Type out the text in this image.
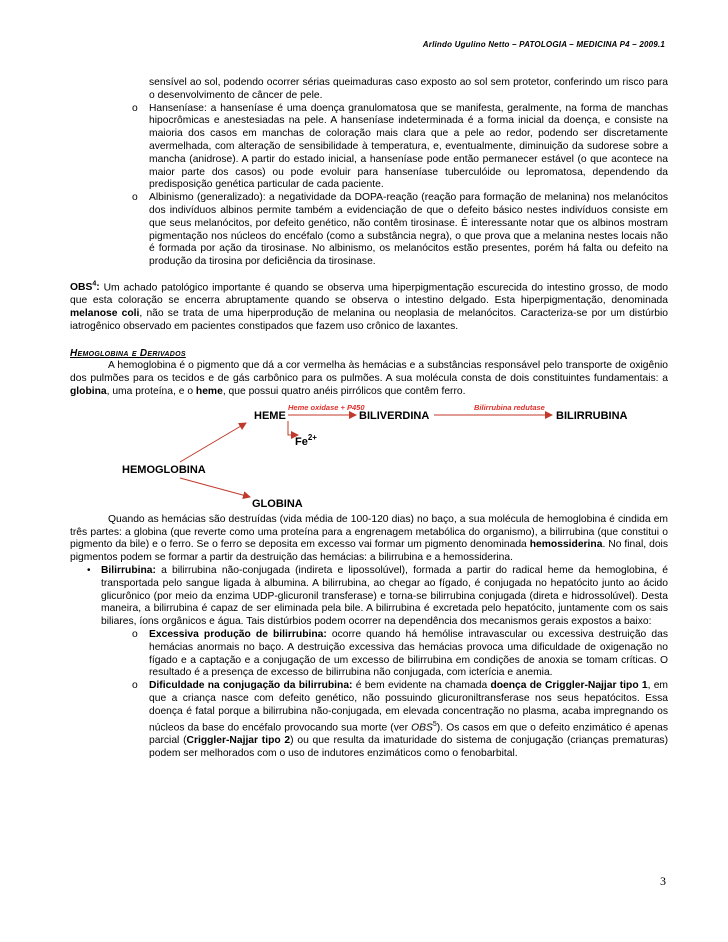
Arlindo Ugulino Netto – PATOLOGIA – MEDICINA P4 – 2009.1

sensível ao sol, podendo ocorrer sérias queimaduras caso exposto ao sol sem protetor, conferindo um risco para o desenvolvimento de câncer de pele.

o Hanseníase: a hanseníase é uma doença granulomatosa que se manifesta, geralmente, na forma de manchas hipocrômicas e anestesiadas na pele. A hanseníase indeterminada é a forma inicial da doença, e consiste na maioria dos casos em manchas de coloração mais clara que a pele ao redor, podendo ser discretamente avermelhada, com alteração de sensibilidade à temperatura, e, eventualmente, diminuição da sudorese sobre a mancha (anidrose). A partir do estado inicial, a hanseníase pode então permanecer estável (o que acontece na maior parte dos casos) ou pode evoluir para hanseníase tuberculóide ou lepromatosa, dependendo da predisposição genética particular de cada paciente.

o Albinismo (generalizado): a negatividade da DOPA-reação (reação para formação de melanina) nos melanócitos dos indivíduos albinos permite também a evidenciação de que o defeito básico nestes indivíduos consiste em que seus melanócitos, por defeito genético, não contêm tirosinase. É interessante notar que os albinos mostram pigmentação nos núcleos do encéfalo (como a substância negra), o que prova que a melanina nestes locais não é formada por ação da tirosinase. No albinismo, os melanócitos estão presentes, porém há falta ou defeito na produção da tirosina por deficiência da tirosinase.

OBS$^4$: Um achado patológico importante é quando se observa uma hiperpigmentação escurecida do intestino grosso, de modo que esta coloração se encerra abruptamente quando se observa o intestino delgado. Esta hiperpigmentação, denominada melanose coli, não se trata de uma hiperprodução de melanina ou neoplasia de melanócitos. Caracteriza-se por um distúrbio iatrogênico observado em pacientes constipados que fazem uso crônico de laxantes.

Hemoglobina e Derivados

A hemoglobina é o pigmento que dá a cor vermelha às hemácias e a substâncias responsável pelo transporte de oxigênio dos pulmões para os tecidos e de gás carbônico para os pulmões. A sua molécula consta de dois constituintes fundamentais: a globina, uma proteína, e o heme, que possui quatro anéis pirrólicos que contêm ferro.

Heme oxidase + P450	Bilirrubina redutase
HEME	BILIVERDINA	BILIRRUBINA
$Fe^{2+}$
HEMOGLOBINA
GLOBINA

Quando as hemácias são destruídas (vida média de 100-120 dias) no baço, a sua molécula de hemoglobina é cindida em três partes: a globina (que reverte como uma proteína para a engrenagem metabólica do organismo), a bilirrubina (que constitui o pigmento da bile) e o ferro. Se o ferro se deposita em excesso vai formar um pigmento denominada hemossiderina. No final, dois pigmentos podem se formar a partir da destruição das hemácias: a bilirrubina e a hemossiderina.

• Bilirrubina: a bilirrubina não-conjugada (indireta e lipossolúvel), formada a partir do radical heme da hemoglobina, é transportada pelo sangue ligada à albumina. A bilirrubina, ao chegar ao fígado, é conjugada no hepatócito junto ao ácido glicurônico (por meio da enzima UDP-glicuronil transferase) e torna-se bilirrubina conjugada (direta e hidrossolúvel). Desta maneira, a bilirrubina é capaz de ser eliminada pela bile. A bilirrubina é excretada pelo hepatócito, juntamente com os sais biliares, íons orgânicos e água. Tais distúrbios podem ocorrer na dependência dos mecanismos gerais expostos a baixo:

o Excessiva produção de bilirrubina: ocorre quando há hemólise intravascular ou excessiva destruição das hemácias anormais no baço. A destruição excessiva das hemácias provoca uma dificuldade de oxigenação no fígado e a captação e a conjugação de um excesso de bilirrubina em condições de anoxia se tomam críticas. O resultado é a presença de excesso de bilirrubina não conjugada, com icterícia e anemia.

o Dificuldade na conjugação da bilirrubina: é bem evidente na chamada doença de Criggler-Najjar tipo 1, em que a criança nasce com defeito genético, não possuindo glicuroniltransferase nos seus hepatócitos. Essa doença é fatal porque a bilirrubina não-conjugada, em elevada concentração no plasma, acaba impregnando os núcleos da base do encéfalo provocando sua morte (ver OBS$^5$). Os casos em que o defeito enzimático é apenas parcial (Criggler-Najjar tipo 2) ou que resulta da imaturidade do sistema de conjugação (crianças prematuras) podem ser melhorados com o uso de indutores enzimáticos como o fenobarbital.

3
